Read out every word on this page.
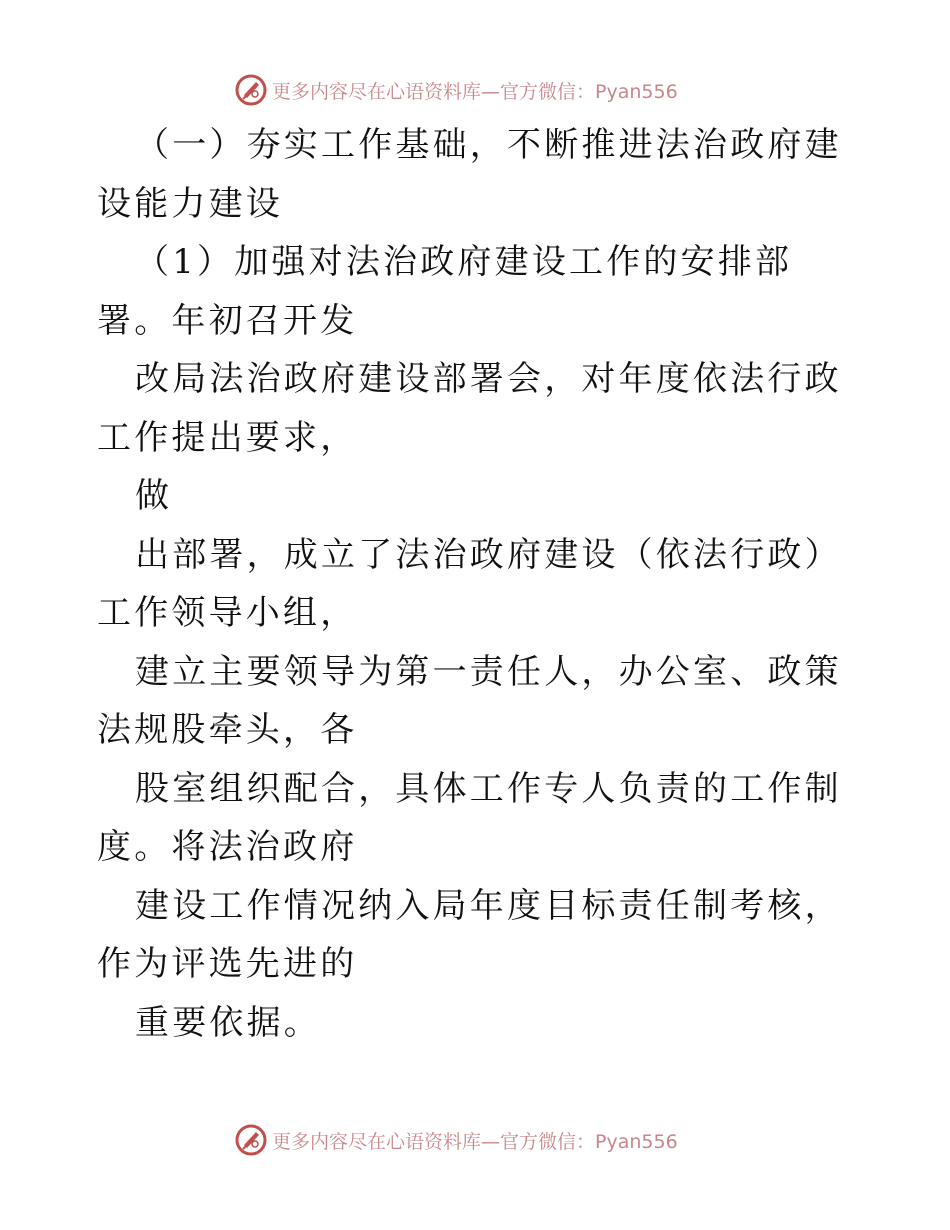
更多内容尽在心语资料库—官方微信：Pyan556

（一）夯实工作基础，不断推进法治政府建设能力建设

（1）加强对法治政府建设工作的安排部署。年初召开发

改局法治政府建设部署会，对年度依法行政工作提出要求，

做

出部署，成立了法治政府建设（依法行政）工作领导小组，

建立主要领导为第一责任人，办公室、政策法规股牵头，各

股室组织配合，具体工作专人负责的工作制度。将法治政府

建设工作情况纳入局年度目标责任制考核，作为评选先进的

重要依据。

更多内容尽在心语资料库—官方微信：Pyan556
